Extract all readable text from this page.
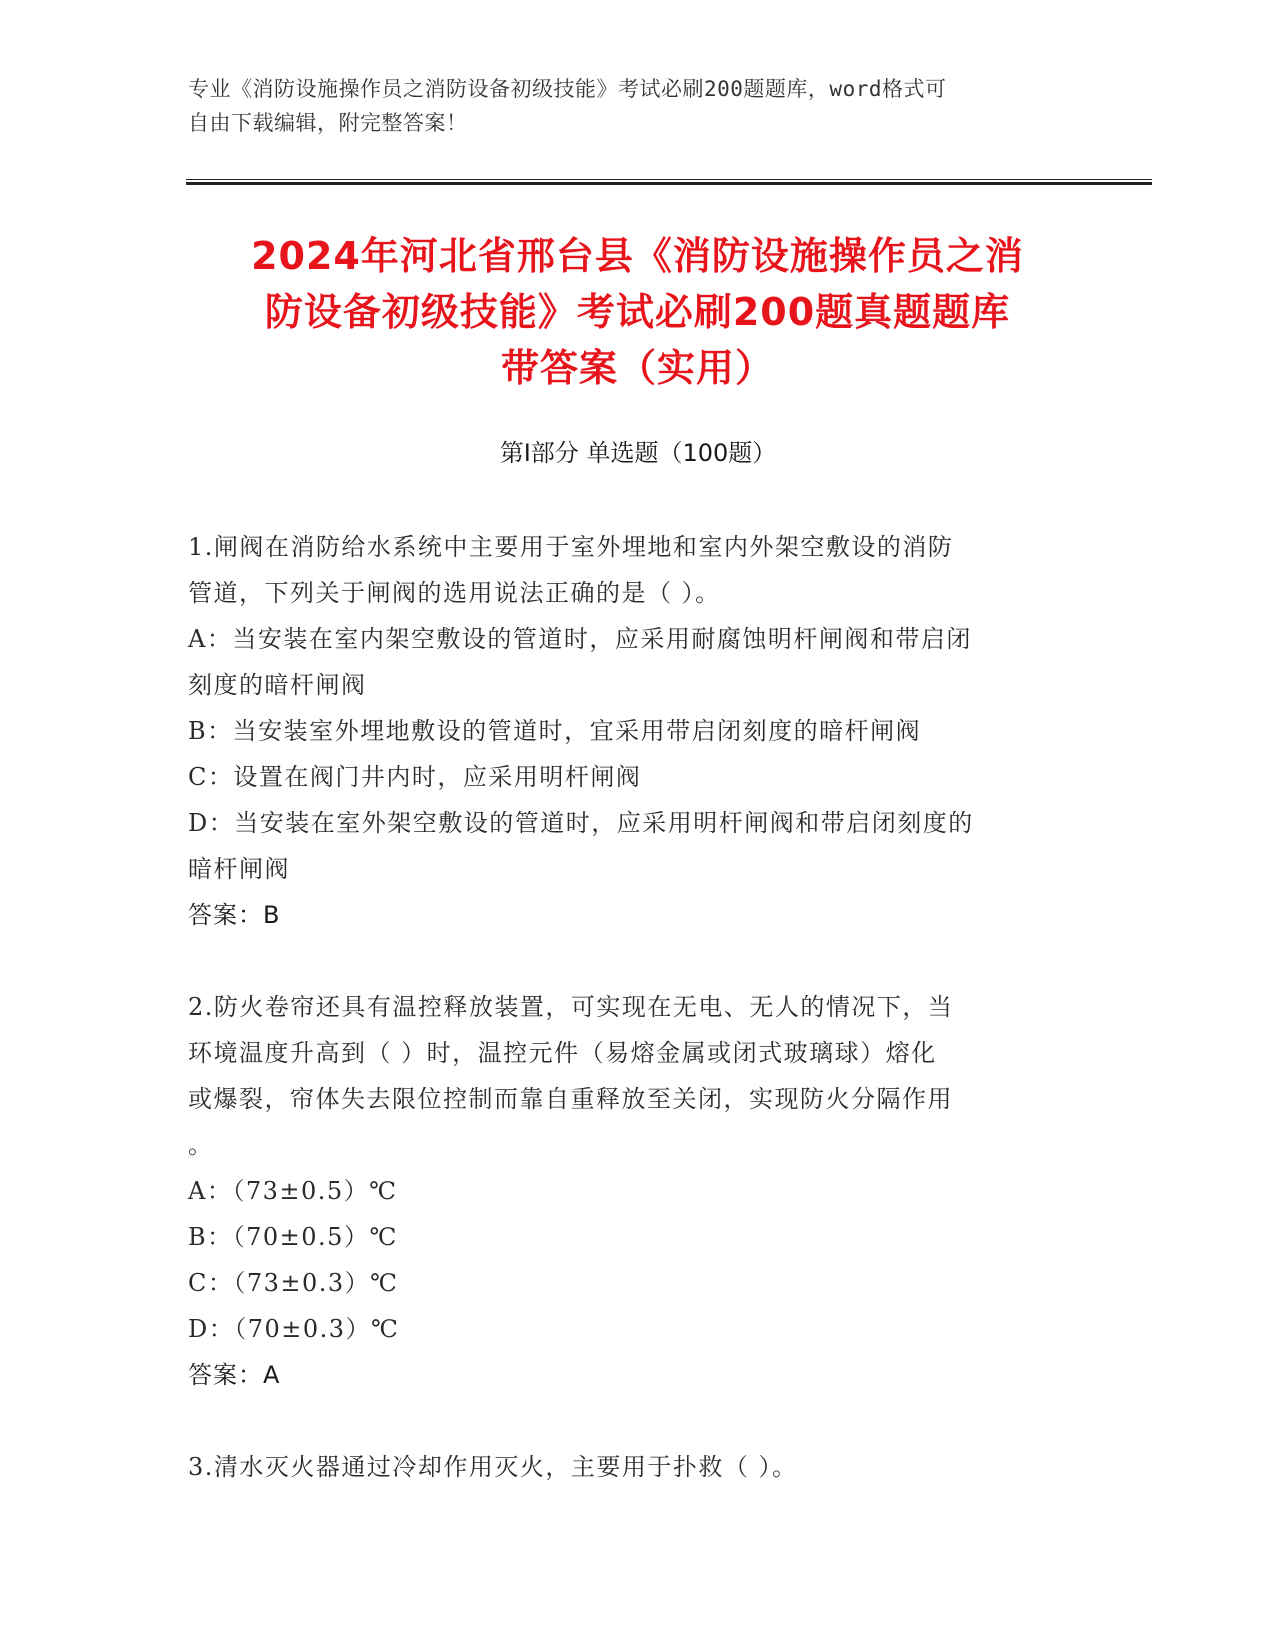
专业《消防设施操作员之消防设备初级技能》考试必刷200题题库，word格式可
自由下载编辑，附完整答案！
2024年河北省邢台县《消防设施操作员之消
防设备初级技能》考试必刷200题真题题库
带答案（实用）
第Ⅰ部分 单选题（100题）
1.闸阀在消防给水系统中主要用于室外埋地和室内外架空敷设的消防
管道，下列关于闸阀的选用说法正确的是（ ）。
A：当安装在室内架空敷设的管道时，应采用耐腐蚀明杆闸阀和带启闭
刻度的暗杆闸阀
B：当安装室外埋地敷设的管道时，宜采用带启闭刻度的暗杆闸阀
C：设置在阀门井内时，应采用明杆闸阀
D：当安装在室外架空敷设的管道时，应采用明杆闸阀和带启闭刻度的
暗杆闸阀
答案：B
2.防火卷帘还具有温控释放装置，可实现在无电、无人的情况下，当
环境温度升高到（ ）时，温控元件（易熔金属或闭式玻璃球）熔化
或爆裂，帘体失去限位控制而靠自重释放至关闭，实现防火分隔作用
。
A：（73±0.5）℃
B：（70±0.5）℃
C：（73±0.3）℃
D：（70±0.3）℃
答案：A
3.清水灭火器通过冷却作用灭火，主要用于扑救（ ）。
